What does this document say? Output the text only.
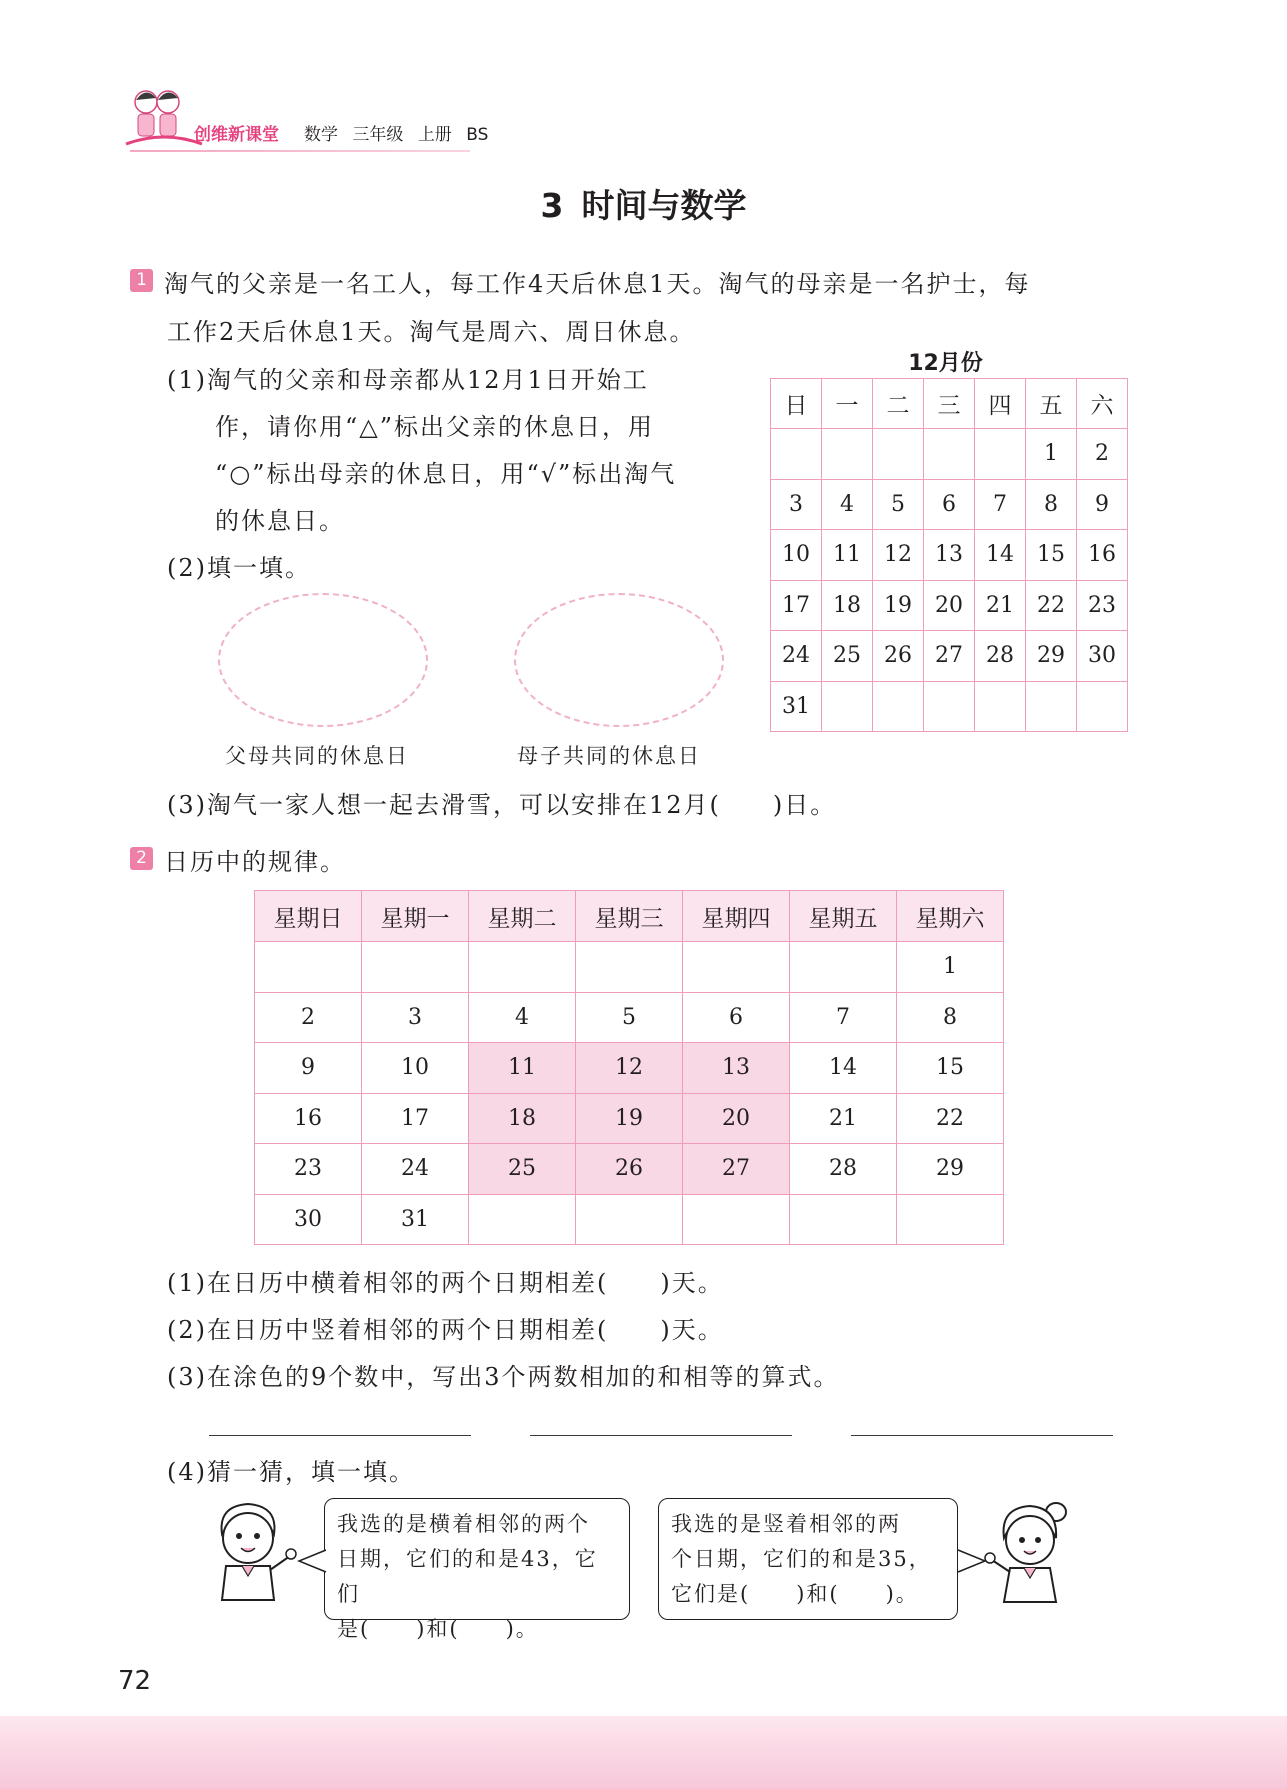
创维新课堂 数学 三年级 上册 BS
3 时间与数学
1 淘气的父亲是一名工人，每工作4天后休息1天。淘气的母亲是一名护士，每
工作2天后休息1天。淘气是周六、周日休息。
(1)淘气的父亲和母亲都从12月1日开始工
作，请你用“△”标出父亲的休息日，用
“○”标出母亲的休息日，用“√”标出淘气
的休息日。
(2)填一填。
父母共同的休息日	母子共同的休息日
(3)淘气一家人想一起去滑雪，可以安排在12月(　　)日。
12月份
日	一	二	三	四	五	六
					1	2
3	4	5	6	7	8	9
10	11	12	13	14	15	16
17	18	19	20	21	22	23
24	25	26	27	28	29	30
31						
2 日历中的规律。
星期日	星期一	星期二	星期三	星期四	星期五	星期六
						1
2	3	4	5	6	7	8
9	10	11	12	13	14	15
16	17	18	19	20	21	22
23	24	25	26	27	28	29
30	31					
(1)在日历中横着相邻的两个日期相差(　　)天。
(2)在日历中竖着相邻的两个日期相差(　　)天。
(3)在涂色的9个数中，写出3个两数相加的和相等的算式。
(4)猜一猜，填一填。
我选的是横着相邻的两个
日期，它们的和是43，它们
是(　　)和(　　)。
我选的是竖着相邻的两
个日期，它们的和是35，
它们是(　　)和(　　)。
72
